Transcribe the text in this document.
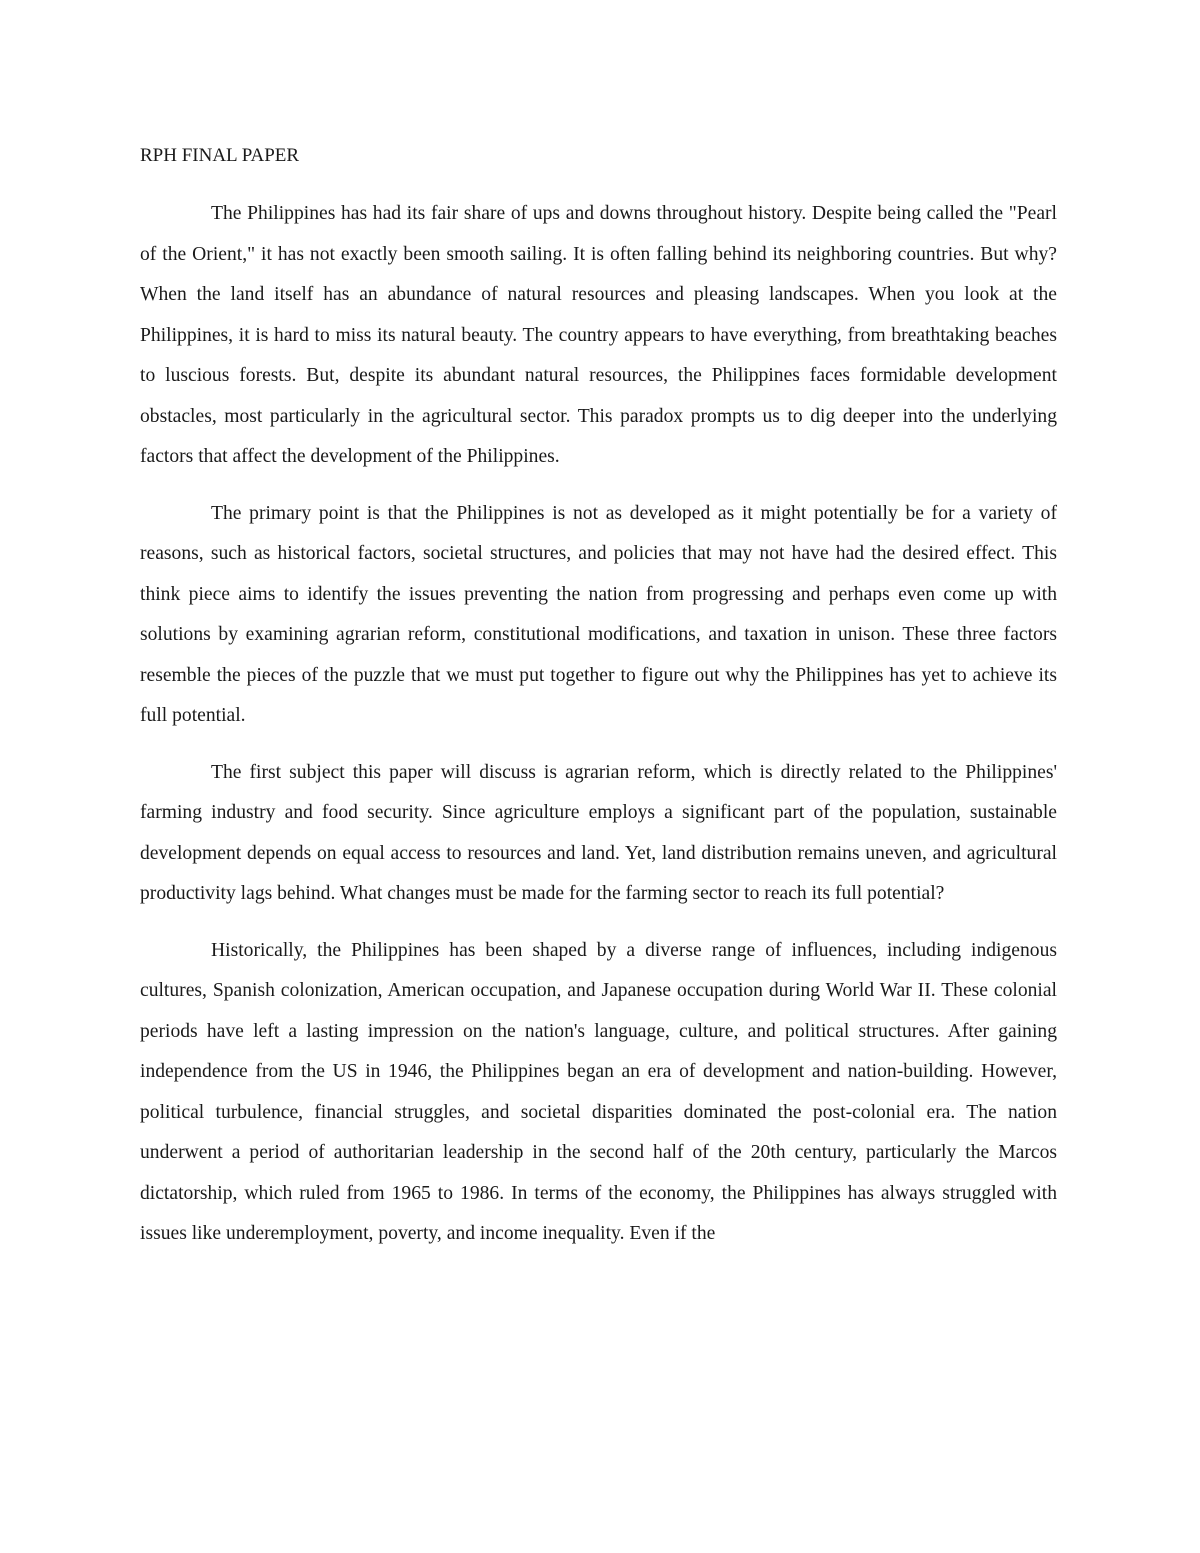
RPH FINAL PAPER

The Philippines has had its fair share of ups and downs throughout history. Despite being called the "Pearl of the Orient," it has not exactly been smooth sailing. It is often falling behind its neighboring countries. But why? When the land itself has an abundance of natural resources and pleasing landscapes. When you look at the Philippines, it is hard to miss its natural beauty. The country appears to have everything, from breathtaking beaches to luscious forests. But, despite its abundant natural resources, the Philippines faces formidable development obstacles, most particularly in the agricultural sector. This paradox prompts us to dig deeper into the underlying factors that affect the development of the Philippines.

The primary point is that the Philippines is not as developed as it might potentially be for a variety of reasons, such as historical factors, societal structures, and policies that may not have had the desired effect. This think piece aims to identify the issues preventing the nation from progressing and perhaps even come up with solutions by examining agrarian reform, constitutional modifications, and taxation in unison. These three factors resemble the pieces of the puzzle that we must put together to figure out why the Philippines has yet to achieve its full potential.

The first subject this paper will discuss is agrarian reform, which is directly related to the Philippines' farming industry and food security. Since agriculture employs a significant part of the population, sustainable development depends on equal access to resources and land. Yet, land distribution remains uneven, and agricultural productivity lags behind. What changes must be made for the farming sector to reach its full potential?

Historically, the Philippines has been shaped by a diverse range of influences, including indigenous cultures, Spanish colonization, American occupation, and Japanese occupation during World War II. These colonial periods have left a lasting impression on the nation's language, culture, and political structures. After gaining independence from the US in 1946, the Philippines began an era of development and nation-building. However, political turbulence, financial struggles, and societal disparities dominated the post-colonial era. The nation underwent a period of authoritarian leadership in the second half of the 20th century, particularly the Marcos dictatorship, which ruled from 1965 to 1986. In terms of the economy, the Philippines has always struggled with issues like underemployment, poverty, and income inequality. Even if the
